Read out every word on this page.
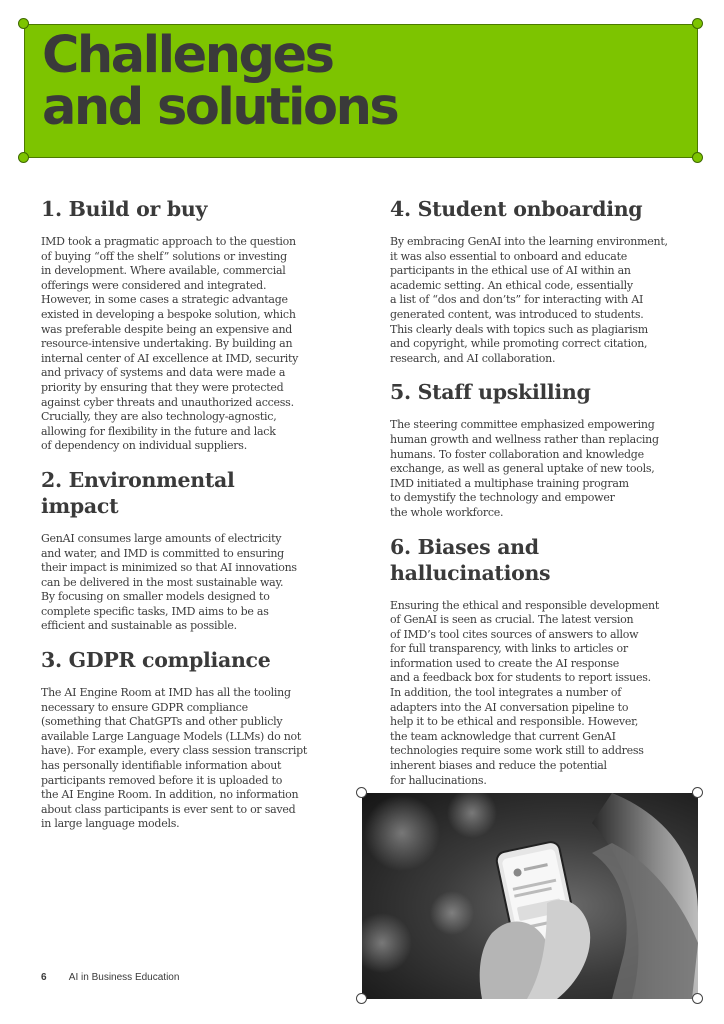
Challenges
and solutions
1. Build or buy

IMD took a pragmatic approach to the question
of buying “off the shelf” solutions or investing
in development. Where available, commercial
offerings were considered and integrated.
However, in some cases a strategic advantage
existed in developing a bespoke solution, which
was preferable despite being an expensive and
resource-intensive undertaking. By building an
internal center of AI excellence at IMD, security
and privacy of systems and data were made a
priority by ensuring that they were protected
against cyber threats and unauthorized access.
Crucially, they are also technology-agnostic,
allowing for flexibility in the future and lack
of dependency on individual suppliers.

2. Environmental impact

GenAI consumes large amounts of electricity
and water, and IMD is committed to ensuring
their impact is minimized so that AI innovations
can be delivered in the most sustainable way.
By focusing on smaller models designed to
complete specific tasks, IMD aims to be as
efficient and sustainable as possible.

3. GDPR compliance

The AI Engine Room at IMD has all the tooling
necessary to ensure GDPR compliance
(something that ChatGPTs and other publicly
available Large Language Models (LLMs) do not
have). For example, every class session transcript
has personally identifiable information about
participants removed before it is uploaded to
the AI Engine Room. In addition, no information
about class participants is ever sent to or saved
in large language models.

4. Student onboarding

By embracing GenAI into the learning environment,
it was also essential to onboard and educate
participants in the ethical use of AI within an
academic setting. An ethical code, essentially
a list of “dos and don’ts” for interacting with AI
generated content, was introduced to students.
This clearly deals with topics such as plagiarism
and copyright, while promoting correct citation,
research, and AI collaboration.

5. Staff upskilling

The steering committee emphasized empowering
human growth and wellness rather than replacing
humans. To foster collaboration and knowledge
exchange, as well as general uptake of new tools,
IMD initiated a multiphase training program
to demystify the technology and empower
the whole workforce.

6. Biases and hallucinations

Ensuring the ethical and responsible development
of GenAI is seen as crucial. The latest version
of IMD’s tool cites sources of answers to allow
for full transparency, with links to articles or
information used to create the AI response
and a feedback box for students to report issues.
In addition, the tool integrates a number of
adapters into the AI conversation pipeline to
help it to be ethical and responsible. However,
the team acknowledge that current GenAI
technologies require some work still to address
inherent biases and reduce the potential
for hallucinations.

6 AI in Business Education
